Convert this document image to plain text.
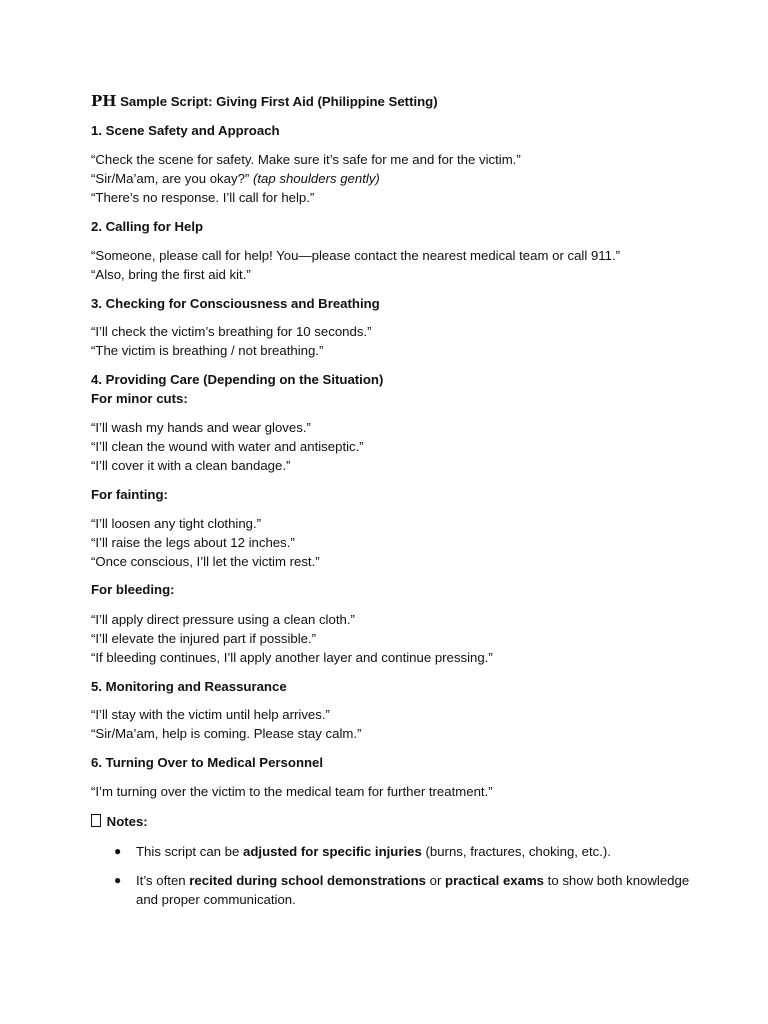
PH Sample Script: Giving First Aid (Philippine Setting)
1. Scene Safety and Approach
“Check the scene for safety. Make sure it’s safe for me and for the victim.”
“Sir/Ma’am, are you okay?” (tap shoulders gently)
“There’s no response. I’ll call for help.”
2. Calling for Help
“Someone, please call for help! You—please contact the nearest medical team or call 911.”
“Also, bring the first aid kit.”
3. Checking for Consciousness and Breathing
“I’ll check the victim’s breathing for 10 seconds.”
“The victim is breathing / not breathing.”
4. Providing Care (Depending on the Situation)
For minor cuts:
“I’ll wash my hands and wear gloves.”
“I’ll clean the wound with water and antiseptic.”
“I’ll cover it with a clean bandage.”
For fainting:
“I’ll loosen any tight clothing.”
“I’ll raise the legs about 12 inches.”
“Once conscious, I’ll let the victim rest.”
For bleeding:
“I’ll apply direct pressure using a clean cloth.”
“I’ll elevate the injured part if possible.”
“If bleeding continues, I’ll apply another layer and continue pressing.”
5. Monitoring and Reassurance
“I’ll stay with the victim until help arrives.”
“Sir/Ma’am, help is coming. Please stay calm.”
6. Turning Over to Medical Personnel
“I’m turning over the victim to the medical team for further treatment.”
Notes:
● This script can be adjusted for specific injuries (burns, fractures, choking, etc.).
● It’s often recited during school demonstrations or practical exams to show both knowledge and proper communication.
